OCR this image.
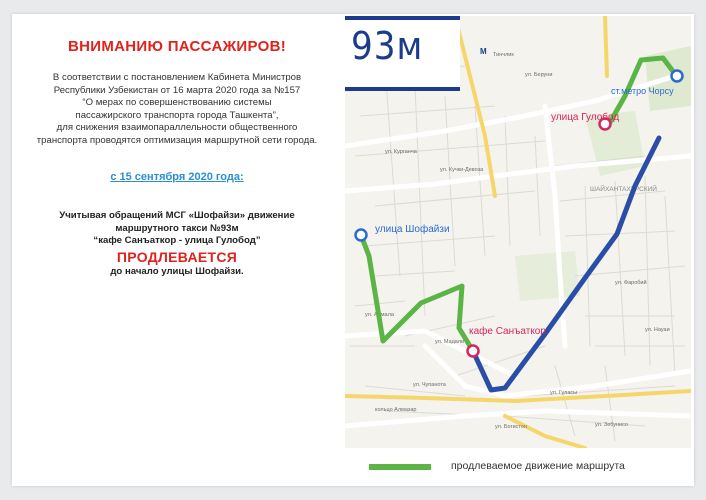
ВНИМАНИЮ ПАССАЖИРОВ!
В соответствии с постановлением Кабинета Министров
Республики Узбекистан от 16 марта 2020 года за №157
“О мерах по совершенствованию системы
пассажирского транспорта города Ташкента”,
для снижения взаимопараллельности общественного
транспорта проводятся оптимизация маршрутной сети города.
с 15 сентября 2020 года:
Учитывая обращений МСГ «Шофайзи» движение
маршрутного такси №93м
“кафе Санъаткор - улица Гулобод”
ПРОДЛЕВАЕТСЯ
до начало улицы Шофайзи.
Тинчлик
ул. Беруни
ул. Курганча
ул. Кучки-Девоза
ШАЙХАНТАХУРСКИЙ
ул. Мадали
ул. Чупанота
ул. Гуласы
ул. Богистон	ул. Зебунисо
кольцо Алмазар
ул. Алмала
ул. Фаробий
ул. Науаи
М
улица Шофайзи
кафе Санъаткор
улица Гулобод
ст.метро Чорсу
93м
продлеваемое движение маршрута
